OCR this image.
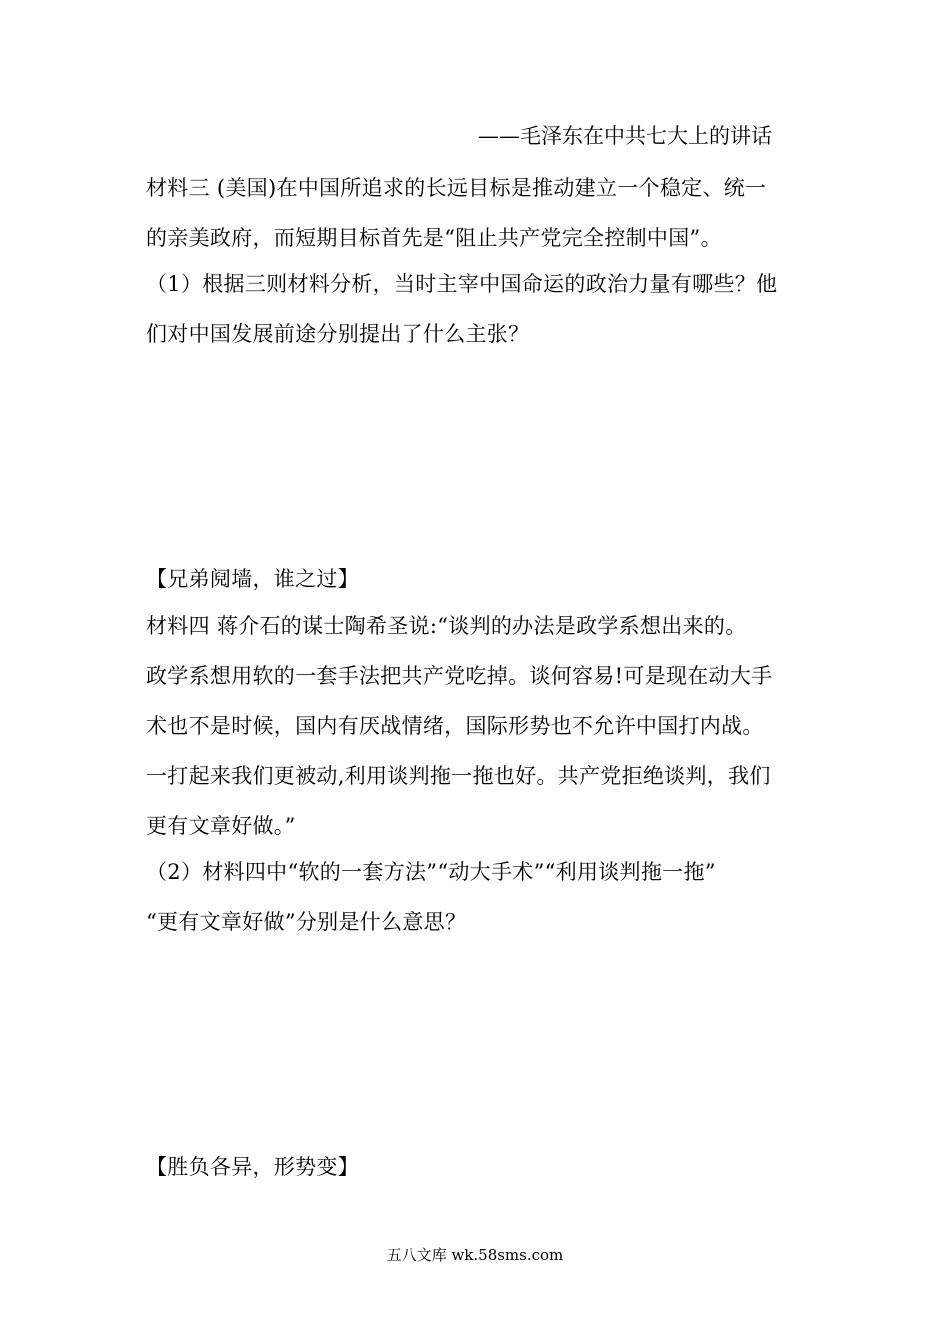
——毛泽东在中共七大上的讲话
材料三 (美国)在中国所追求的长远目标是推动建立一个稳定、统一
的亲美政府，而短期目标首先是“阻止共产党完全控制中国”。
（1）根据三则材料分析，当时主宰中国命运的政治力量有哪些？他
们对中国发展前途分别提出了什么主张？
【兄弟阋墙，谁之过】
材料四 蒋介石的谋士陶希圣说:“谈判的办法是政学系想出来的。
政学系想用软的一套手法把共产党吃掉。谈何容易!可是现在动大手
术也不是时候，国内有厌战情绪，国际形势也不允许中国打内战。
一打起来我们更被动,利用谈判拖一拖也好。共产党拒绝谈判，我们
更有文章好做。”
（2）材料四中“软的一套方法”“动大手术”“利用谈判拖一拖”
“更有文章好做”分别是什么意思？
【胜负各异，形势变】
五八文库 wk.58sms.com
